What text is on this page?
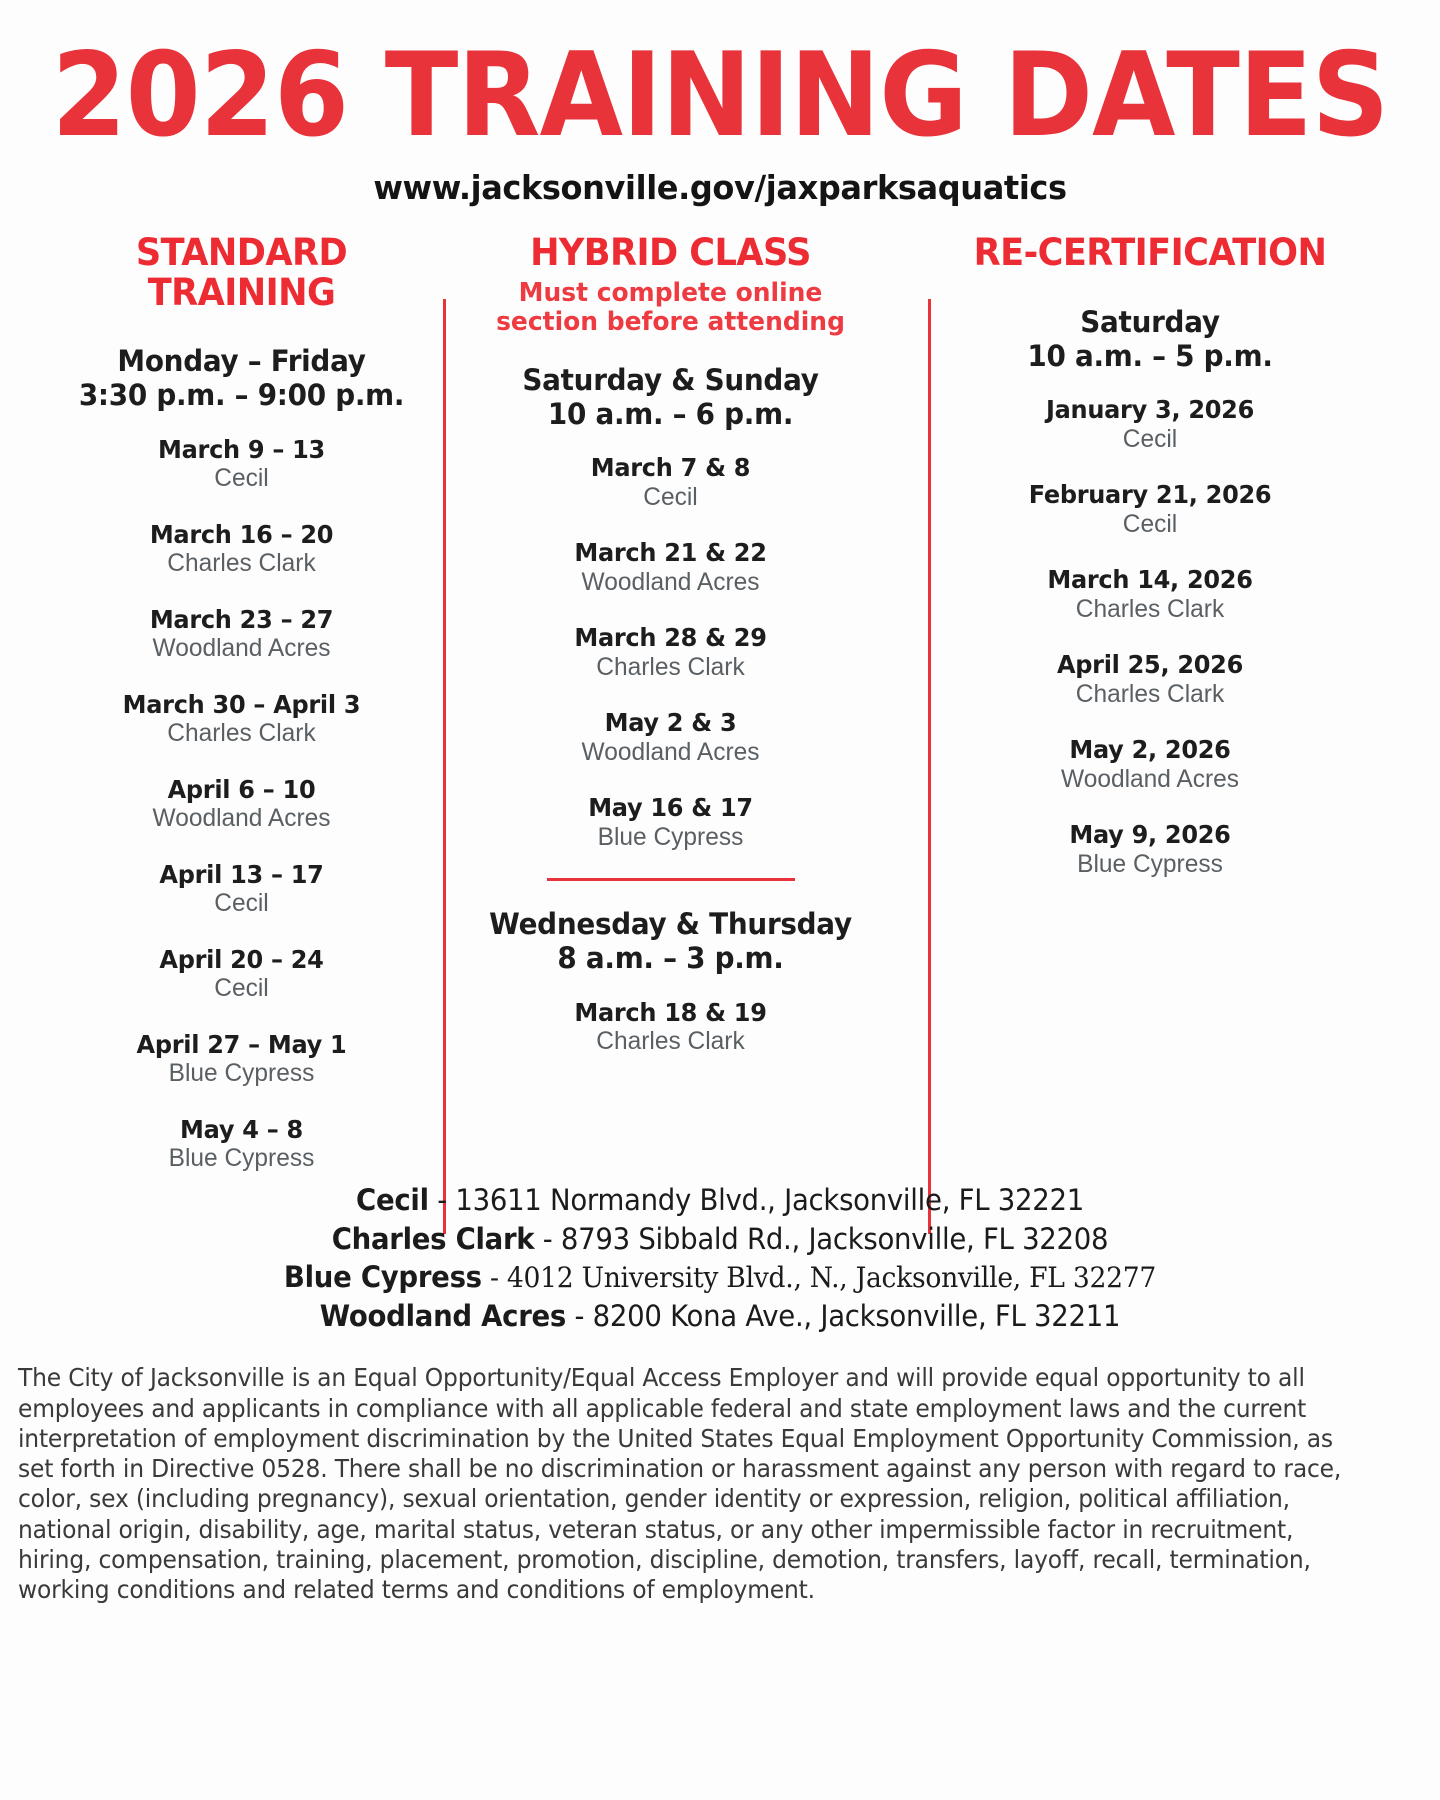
2026 TRAINING DATES
www.jacksonville.gov/jaxparksaquatics
STANDARD
TRAINING
Monday – Friday
3:30 p.m. – 9:00 p.m.
March 9 – 13
Cecil
March 16 – 20
Charles Clark
March 23 – 27
Woodland Acres
March 30 – April 3
Charles Clark
April 6 – 10
Woodland Acres
April 13 – 17
Cecil
April 20 – 24
Cecil
April 27 – May 1
Blue Cypress
May 4 – 8
Blue Cypress
HYBRID CLASS
Must complete online
section before attending
Saturday & Sunday
10 a.m. – 6 p.m.
March 7 & 8
Cecil
March 21 & 22
Woodland Acres
March 28 & 29
Charles Clark
May 2 & 3
Woodland Acres
May 16 & 17
Blue Cypress
Wednesday & Thursday
8 a.m. – 3 p.m.
March 18 & 19
Charles Clark
RE-CERTIFICATION
Saturday
10 a.m. – 5 p.m.
January 3, 2026
Cecil
February 21, 2026
Cecil
March 14, 2026
Charles Clark
April 25, 2026
Charles Clark
May 2, 2026
Woodland Acres
May 9, 2026
Blue Cypress
Cecil - 13611 Normandy Blvd., Jacksonville, FL 32221
Charles Clark - 8793 Sibbald Rd., Jacksonville, FL 32208
Blue Cypress - 4012 University Blvd., N., Jacksonville, FL 32277
Woodland Acres - 8200 Kona Ave., Jacksonville, FL 32211
The City of Jacksonville is an Equal Opportunity/Equal Access Employer and will provide equal opportunity to all employees and applicants in compliance with all applicable federal and state employment laws and the current interpretation of employment discrimination by the United States Equal Employment Opportunity Commission, as set forth in Directive 0528. There shall be no discrimination or harassment against any person with regard to race, color, sex (including pregnancy), sexual orientation, gender identity or expression, religion, political affiliation, national origin, disability, age, marital status, veteran status, or any other impermissible factor in recruitment, hiring, compensation, training, placement, promotion, discipline, demotion, transfers, layoff, recall, termination, working conditions and related terms and conditions of employment.
